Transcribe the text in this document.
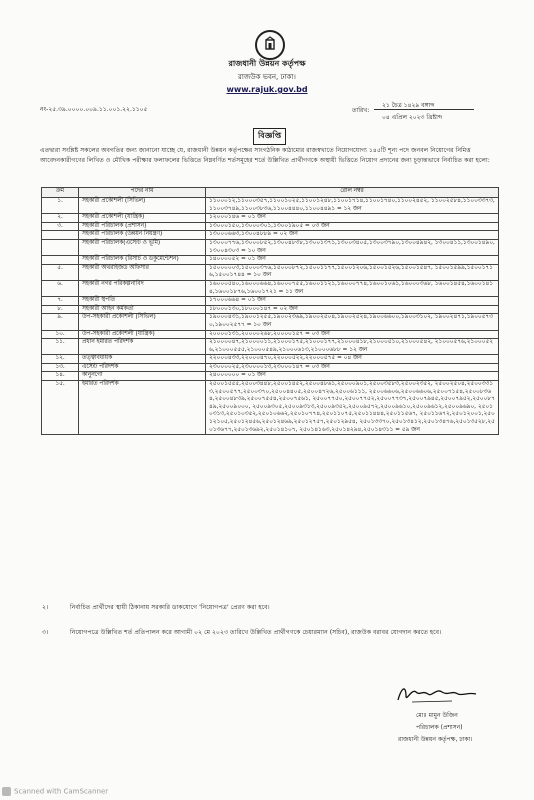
রাজধানী উন্নয়ন কর্তৃপক্ষ
রাজউক ভবন, ঢাকা।
www.rajuk.gov.bd
নং-২৫.৩৯.০০০০.০০৯.১১.০০১.২২.১১০৫	তারিখ:
২১ চৈত্র ১৪২৯ বঙ্গাব্দ
০৪ এপ্রিল ২০২৩ খ্রিষ্টাব্দ
বিজ্ঞপ্তি
এতদ্বারা সংশ্লিষ্ট সকলের অবগতির জন্য জানানো যাচ্ছে যে, রাজধানী উন্নয়ন কর্তৃপক্ষের সাংগঠনিক কাঠামোর রাজস্বখাতে নিয়োগযোগ্য ১৪৫টি শূন্য পদে জনবল নিয়োগের নিমিত্ত আবেদনকারীগণের লিখিত ও মৌখিক পরীক্ষার ফলাফলের ভিত্তিতে নিম্নবর্ণিত শর্তসমূহের শর্তে উল্লিখিত প্রার্থীগণকে অস্থায়ী ভিত্তিতে নিয়োগ প্রদানের জন্য চূড়ান্তভাবে নির্বাচিত করা হলো:
ক্রম	পদের নাম	রোল নম্বর
১.	সহকারী প্রকৌশলী (সিভিল)	১১০০০১২,১১০০০৩৫৭,১১০০১০২৫,১১০০১২৪৮,১১০০১৭১৪,১১০০১৭৪০,১১০০২৪৫২, ১১০০২৫৮৪,১১০০৩৩৭৩,১১০০৩৭৪৯,১১০০৩৮৩৬,১১০০৪৪৪০,১১০০৪৪৯১ = ১২ জন
২.	সহকারী প্রকৌশলী (যান্ত্রিক)	১২০০০১৪৬ = ০১ জন
৩.	সহকারী পরিচালক (প্রশাসন)	১৩০০০১৫০,১৩০০০৩০১,১৩০০১৯০৫ = ০৩ জন
	সহকারী পরিচালক (উন্নয়ন নিয়ন্ত্রণ)	১৩০০০৬৬৩,১৩০০৪৮৮৯ = ০২ জন
	সহকারী পরিচালক(এস্টেট ও ভূমি)	১৩০০০৭৭৬,১৩০০০৮৫২,১৩০০৪৮৩৮,১৩০০১৩৭১,১৩০০৩৪০৫,১৩০০৩৭৯০,১৩০০৪৯৪২, ১৩০০৪১১,১৩০০১৪৯০,১৩০০৪৩০৩ = ১০ জন
	সহকারী পরিচালক (রিসার্চ ও ডকুমেন্টেশন)	১৪০০০০৫২ = ০১ জন
৫.	সহকারী অথরাইজড অফিসার	১৫০০০০০৩,১৫০০০৩৭৬,১৫০০০৮৭২,১৫০০১১৭৭,১৫০০১২০৬,১৫০০১৫২৬,১৫০০১৫৪৭, ১৫০০১৫৯৯,১৫০০১৭১৬,১৫০০১৭৪৪ = ১০ জন
৬.	সহকারী নগর পরিকল্পনাবিদ	১৬০০০৫৪০,১৬০০০৬৬৪,১৬০০০৭৫৫,১৬০০১১২১,১৬০০০৭৭৪,১৬০০১০৬১,১৬০০০৩৬৮, ১৬০০১৪৫৪,১৬০০১৪১৪,১৬০০১৮৭৬,১৬০০১৭২১ = ১১ জন
৭.	সহকারী স্থপতি	১৭০০০৬৬৪ = ০১ জন
৮.	সহকারী আইন কর্মকর্তা	১৮০০০১৩০,১৮০০০১৪৭ = ০২ জন
৯.	উপ-সহকারী প্রকৌশলী (সিভিল)	১৯০০০৪৩১,১৯০০১২৫৫,১৯০০২৩৬৯,১৯০০২৫০৪,১৯০০২৫২৪,১৯০০৬৬০০,১৯০০৩১০২, ১৯০০২৪৭১,১৯০০৫৭৩০,১৯০০২৫৭৭ = ১০ জন
১০.	উপ-সহকারী প্রকৌশলী (যান্ত্রিক)	২০০০০১৩১,২০০০০২৬৮,২০০০০১৫৭ = ০৩ জন
১১.	প্রধান ইমারত পরিদর্শক	২১০০০০৪৭,২১০০০০১১,২১০০০১৭৫,২১০০০১৭৭,২১০০০৪১৮,২১০০০৫১০,২১০০০৫৪২, ২১০০০৫৭৬,২১০০০৫২৬,২১০০০৫৫৫,২১০০০৫৪৯,২১০০০৬১৩,২১০০০৬৮৮ = ১২ জন
১২.	তত্ত্বাবধায়ক	২২০০০৪৩৩,২২০০০৪৭০,২২০০০৫২২,২২০০০৫৭৫ = ০৪ জন
১৩.	এস্টেট পরিদর্শক	২৩০০০০২৫,২৩০০০০১৩,২৩০০০১৪৭ = ০৩ জন
১৪.	কানুনগো	২৪০০০০০০ = ০১ জন
১৫.	ইমারত পরিদর্শক	২৫০০১৫৫৫,২৫০০৩৪৪৮,২৫০০১৪৫২,২৫০০৪৮৬১,২৫০০০৯০১,২৫০০৩৫৮৩,২৫০০২৩৫২, ২৫০০২৫০৪,২৫০০৩৩১৩,২৫০০৫৭৭,২৫০০৩৭০,২৫০০৪৪০৫,২৫০০৪৭২৬,২৫০০৬১১১, ২৫০০৬৬০৬,২৫০০৬৬০৬,২৫০০৭১৫৪,২৫০০৮৩৬৪,২৫০০৪৮৩৯,২৫০০৭৫৫৪,২৫০০৭৫৬১, ২৫০০৭৭৫০,২৫০০৭৭৫২,২৫০০৭৭৩৭,২৫০০৭৯৪৫,২৫০০৭৯৫২,২৫০০৮৭৪৯,২৫০০৯০০০, ২৫০০৯৩০৫,২৫০০৯৩১৩,২৫০০৯৩৫২,২৫০০৯৫৭২,২৫০০৯৬১০,২৫০০৯৬১২,২৫০০৯৬৯০, ২৫০১০৩১৩,২৫০১০৩৫২,২৫০১০৬৬২,২৫০১০৭৭৪,২৫০১১০৭৫,২৫০১১৪৪৪,২৫০১১৫৬৭, ২৫০১১৬৭২,২৫০১২০০১,২৫০১২১০৫,২৫০১২৪৫৬,২৫০১২৪৬৯,২৫০১২৭৫৭,২৫০১২৯৫৪, ২৫০১৩৩৭০,২৫০১৩৪১২,২৫০১৩৪৭৬,২৫০১৩৫২৮,২৫০১৩৬৭৭,২৫০১৩৬৯২,২৫০১৪১০৭, ২৫০১৪১৬৩,২৫০১৪২৯৪,২৫০১৪৩১১ = ৫৯ জন
২।	নির্বাচিত প্রার্থীদের স্থায়ী ঠিকানায় সরকারি ডাকযোগে 'নিয়োগপত্র' প্রেরণ করা হবে।
৩।	নিয়োগপত্রে উল্লিখিত শর্ত প্রতিপালন করে আগামী ০২ মে ২০২৩ তারিখে উল্লিখিত প্রার্থীগণকে চেয়ারম্যান (সচিব), রাজউক বরাবর যোগদান করতে হবে।
মোঃ মামুন উজিন
পরিচালক (প্রশাসন)
রাজধানী উন্নয়ন কর্তৃপক্ষ, ঢাকা।
Scanned with CamScanner
